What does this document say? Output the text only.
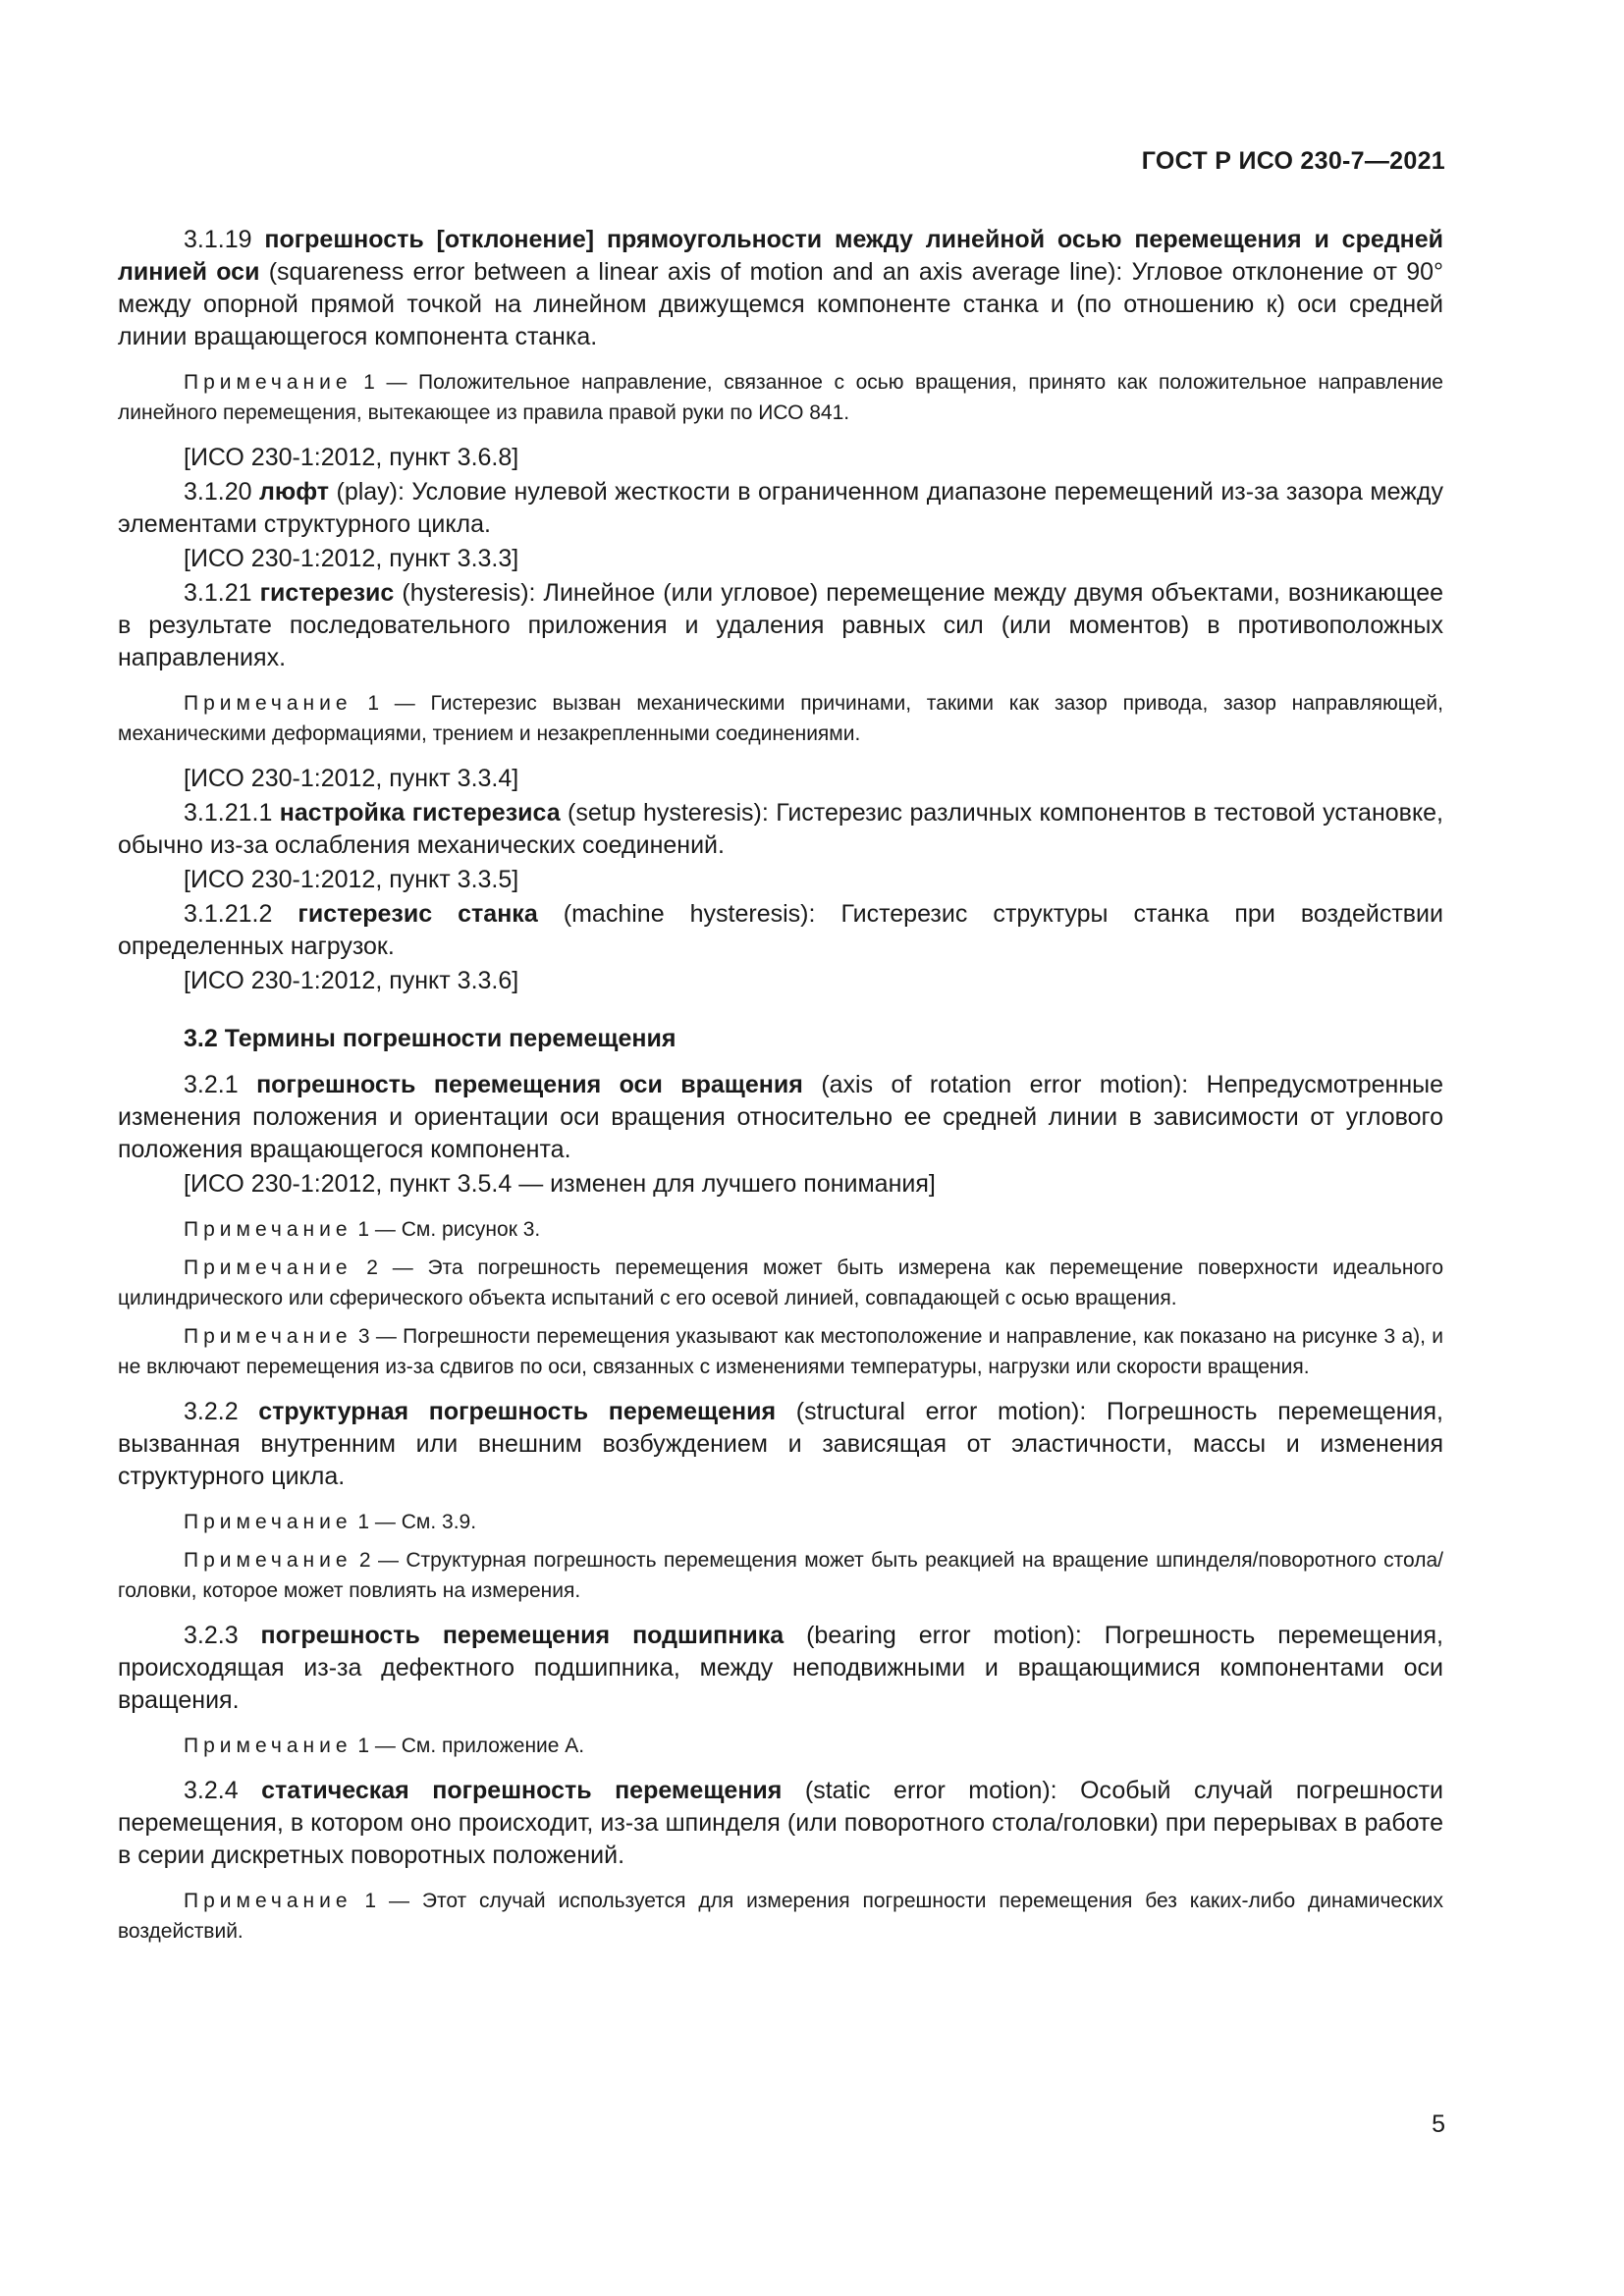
ГОСТ Р ИСО 230-7—2021

3.1.19 погрешность [отклонение] прямоугольности между линейной осью перемещения и средней линией оси (squareness error between a linear axis of motion and an axis average line): Угловое отклонение от 90° между опорной прямой точкой на линейном движущемся компоненте станка и (по отношению к) оси средней линии вращающегося компонента станка.

Примечание 1 — Положительное направление, связанное с осью вращения, принято как положительное направление линейного перемещения, вытекающее из правила правой руки по ИСО 841.

[ИСО 230-1:2012, пункт 3.6.8]

3.1.20 люфт (play): Условие нулевой жесткости в ограниченном диапазоне перемещений из-за зазора между элементами структурного цикла.

[ИСО 230-1:2012, пункт 3.3.3]

3.1.21 гистерезис (hysteresis): Линейное (или угловое) перемещение между двумя объектами, возникающее в результате последовательного приложения и удаления равных сил (или моментов) в противоположных направлениях.

Примечание 1 — Гистерезис вызван механическими причинами, такими как зазор привода, зазор направляющей, механическими деформациями, трением и незакрепленными соединениями.

[ИСО 230-1:2012, пункт 3.3.4]

3.1.21.1 настройка гистерезиса (setup hysteresis): Гистерезис различных компонентов в тестовой установке, обычно из-за ослабления механических соединений.

[ИСО 230-1:2012, пункт 3.3.5]

3.1.21.2 гистерезис станка (machine hysteresis): Гистерезис структуры станка при воздействии определенных нагрузок.

[ИСО 230-1:2012, пункт 3.3.6]

3.2 Термины погрешности перемещения

3.2.1 погрешность перемещения оси вращения (axis of rotation error motion): Непредусмотренные изменения положения и ориентации оси вращения относительно ее средней линии в зависимости от углового положения вращающегося компонента.

[ИСО 230-1:2012, пункт 3.5.4 — изменен для лучшего понимания]

Примечание 1 — См. рисунок 3.

Примечание 2 — Эта погрешность перемещения может быть измерена как перемещение поверхности идеального цилиндрического или сферического объекта испытаний с его осевой линией, совпадающей с осью вращения.

Примечание 3 — Погрешности перемещения указывают как местоположение и направление, как показано на рисунке 3 а), и не включают перемещения из-за сдвигов по оси, связанных с изменениями температуры, нагрузки или скорости вращения.

3.2.2 структурная погрешность перемещения (structural error motion): Погрешность перемещения, вызванная внутренним или внешним возбуждением и зависящая от эластичности, массы и изменения структурного цикла.

Примечание 1 — См. 3.9.

Примечание 2 — Структурная погрешность перемещения может быть реакцией на вращение шпинделя/поворотного стола/головки, которое может повлиять на измерения.

3.2.3 погрешность перемещения подшипника (bearing error motion): Погрешность перемещения, происходящая из-за дефектного подшипника, между неподвижными и вращающимися компонентами оси вращения.

Примечание 1 — См. приложение А.

3.2.4 статическая погрешность перемещения (static error motion): Особый случай погрешности перемещения, в котором оно происходит, из-за шпинделя (или поворотного стола/головки) при перерывах в работе в серии дискретных поворотных положений.

Примечание 1 — Этот случай используется для измерения погрешности перемещения без каких-либо динамических воздействий.

5
